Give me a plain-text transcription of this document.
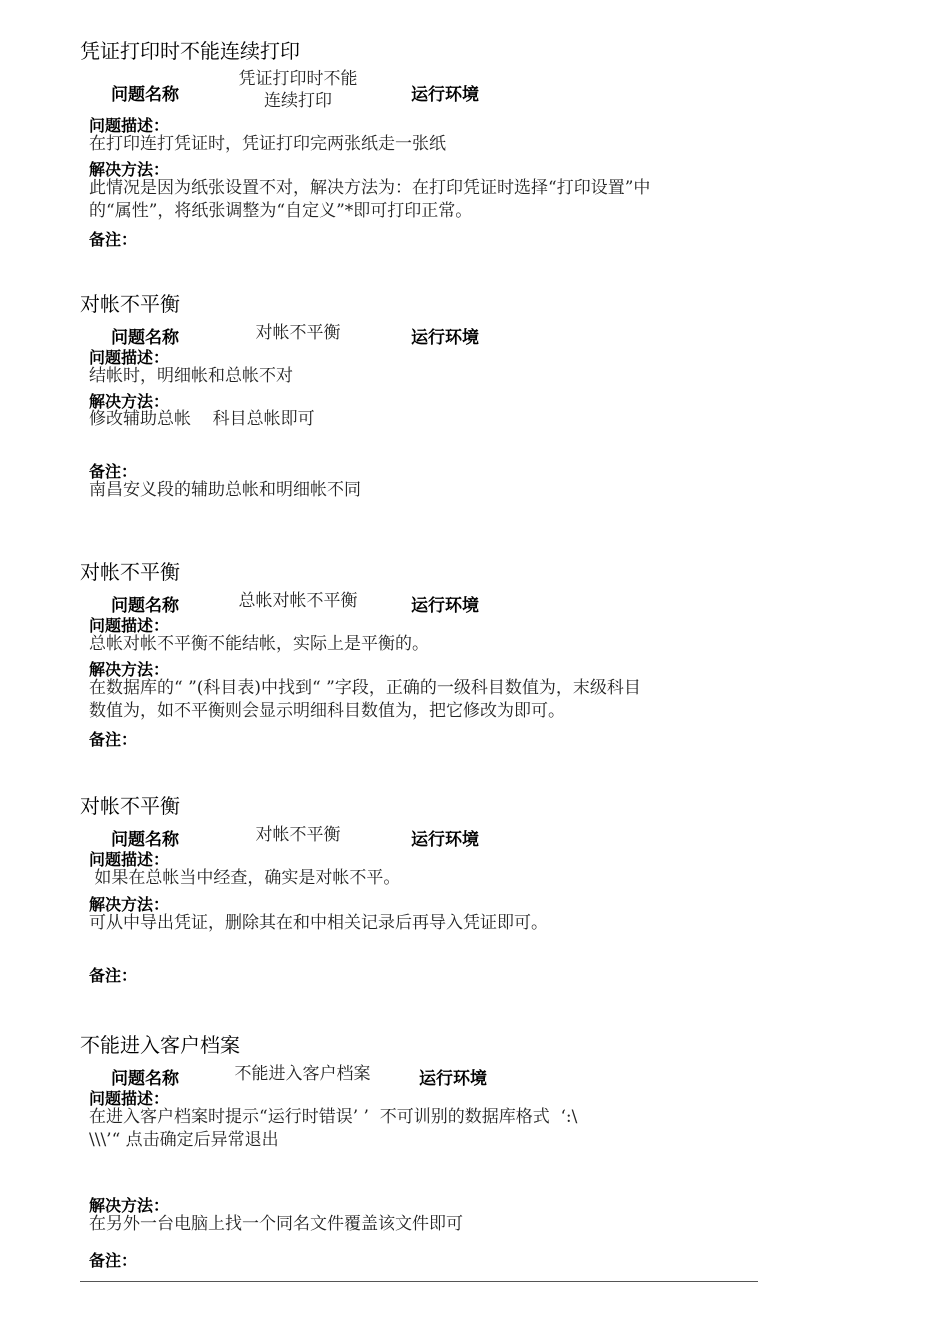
凭证打印时不能连续打印
问题名称
凭证打印时不能
连续打印	运行环境
问题描述：
在打印连打凭证时，凭证打印完两张纸走一张纸
解决方法：
此情况是因为纸张设置不对，解决方法为：在打印凭证时选择“打印设置”中
的“属性”，将纸张调整为“自定义”*即可打印正常。
备注：
对帐不平衡
问题名称	对帐不平衡	运行环境
问题描述：
结帐时，明细帐和总帐不对
解决方法：
修改辅助总帐    科目总帐即可
备注：
南昌安义段的辅助总帐和明细帐不同
对帐不平衡
问题名称	总帐对帐不平衡	运行环境
问题描述：
总帐对帐不平衡不能结帐，实际上是平衡的。
解决方法：
在数据库的“ ”(科目表)中找到“ ”字段，正确的一级科目数值为，末级科目
数值为，如不平衡则会显示明细科目数值为，把它修改为即可。
备注：
对帐不平衡
问题名称	对帐不平衡	运行环境
问题描述：
如果在总帐当中经查，确实是对帐不平。
解决方法：
可从中导出凭证，删除其在和中相关记录后再导入凭证即可。
备注：
不能进入客户档案
问题名称	不能进入客户档案	运行环境
问题描述：
在进入客户档案时提示“运行时错误’ ’  不可训别的数据库格式  ‘:\
\\\’“ 点击确定后异常退出
解决方法：
在另外一台电脑上找一个同名文件覆盖该文件即可
备注：
